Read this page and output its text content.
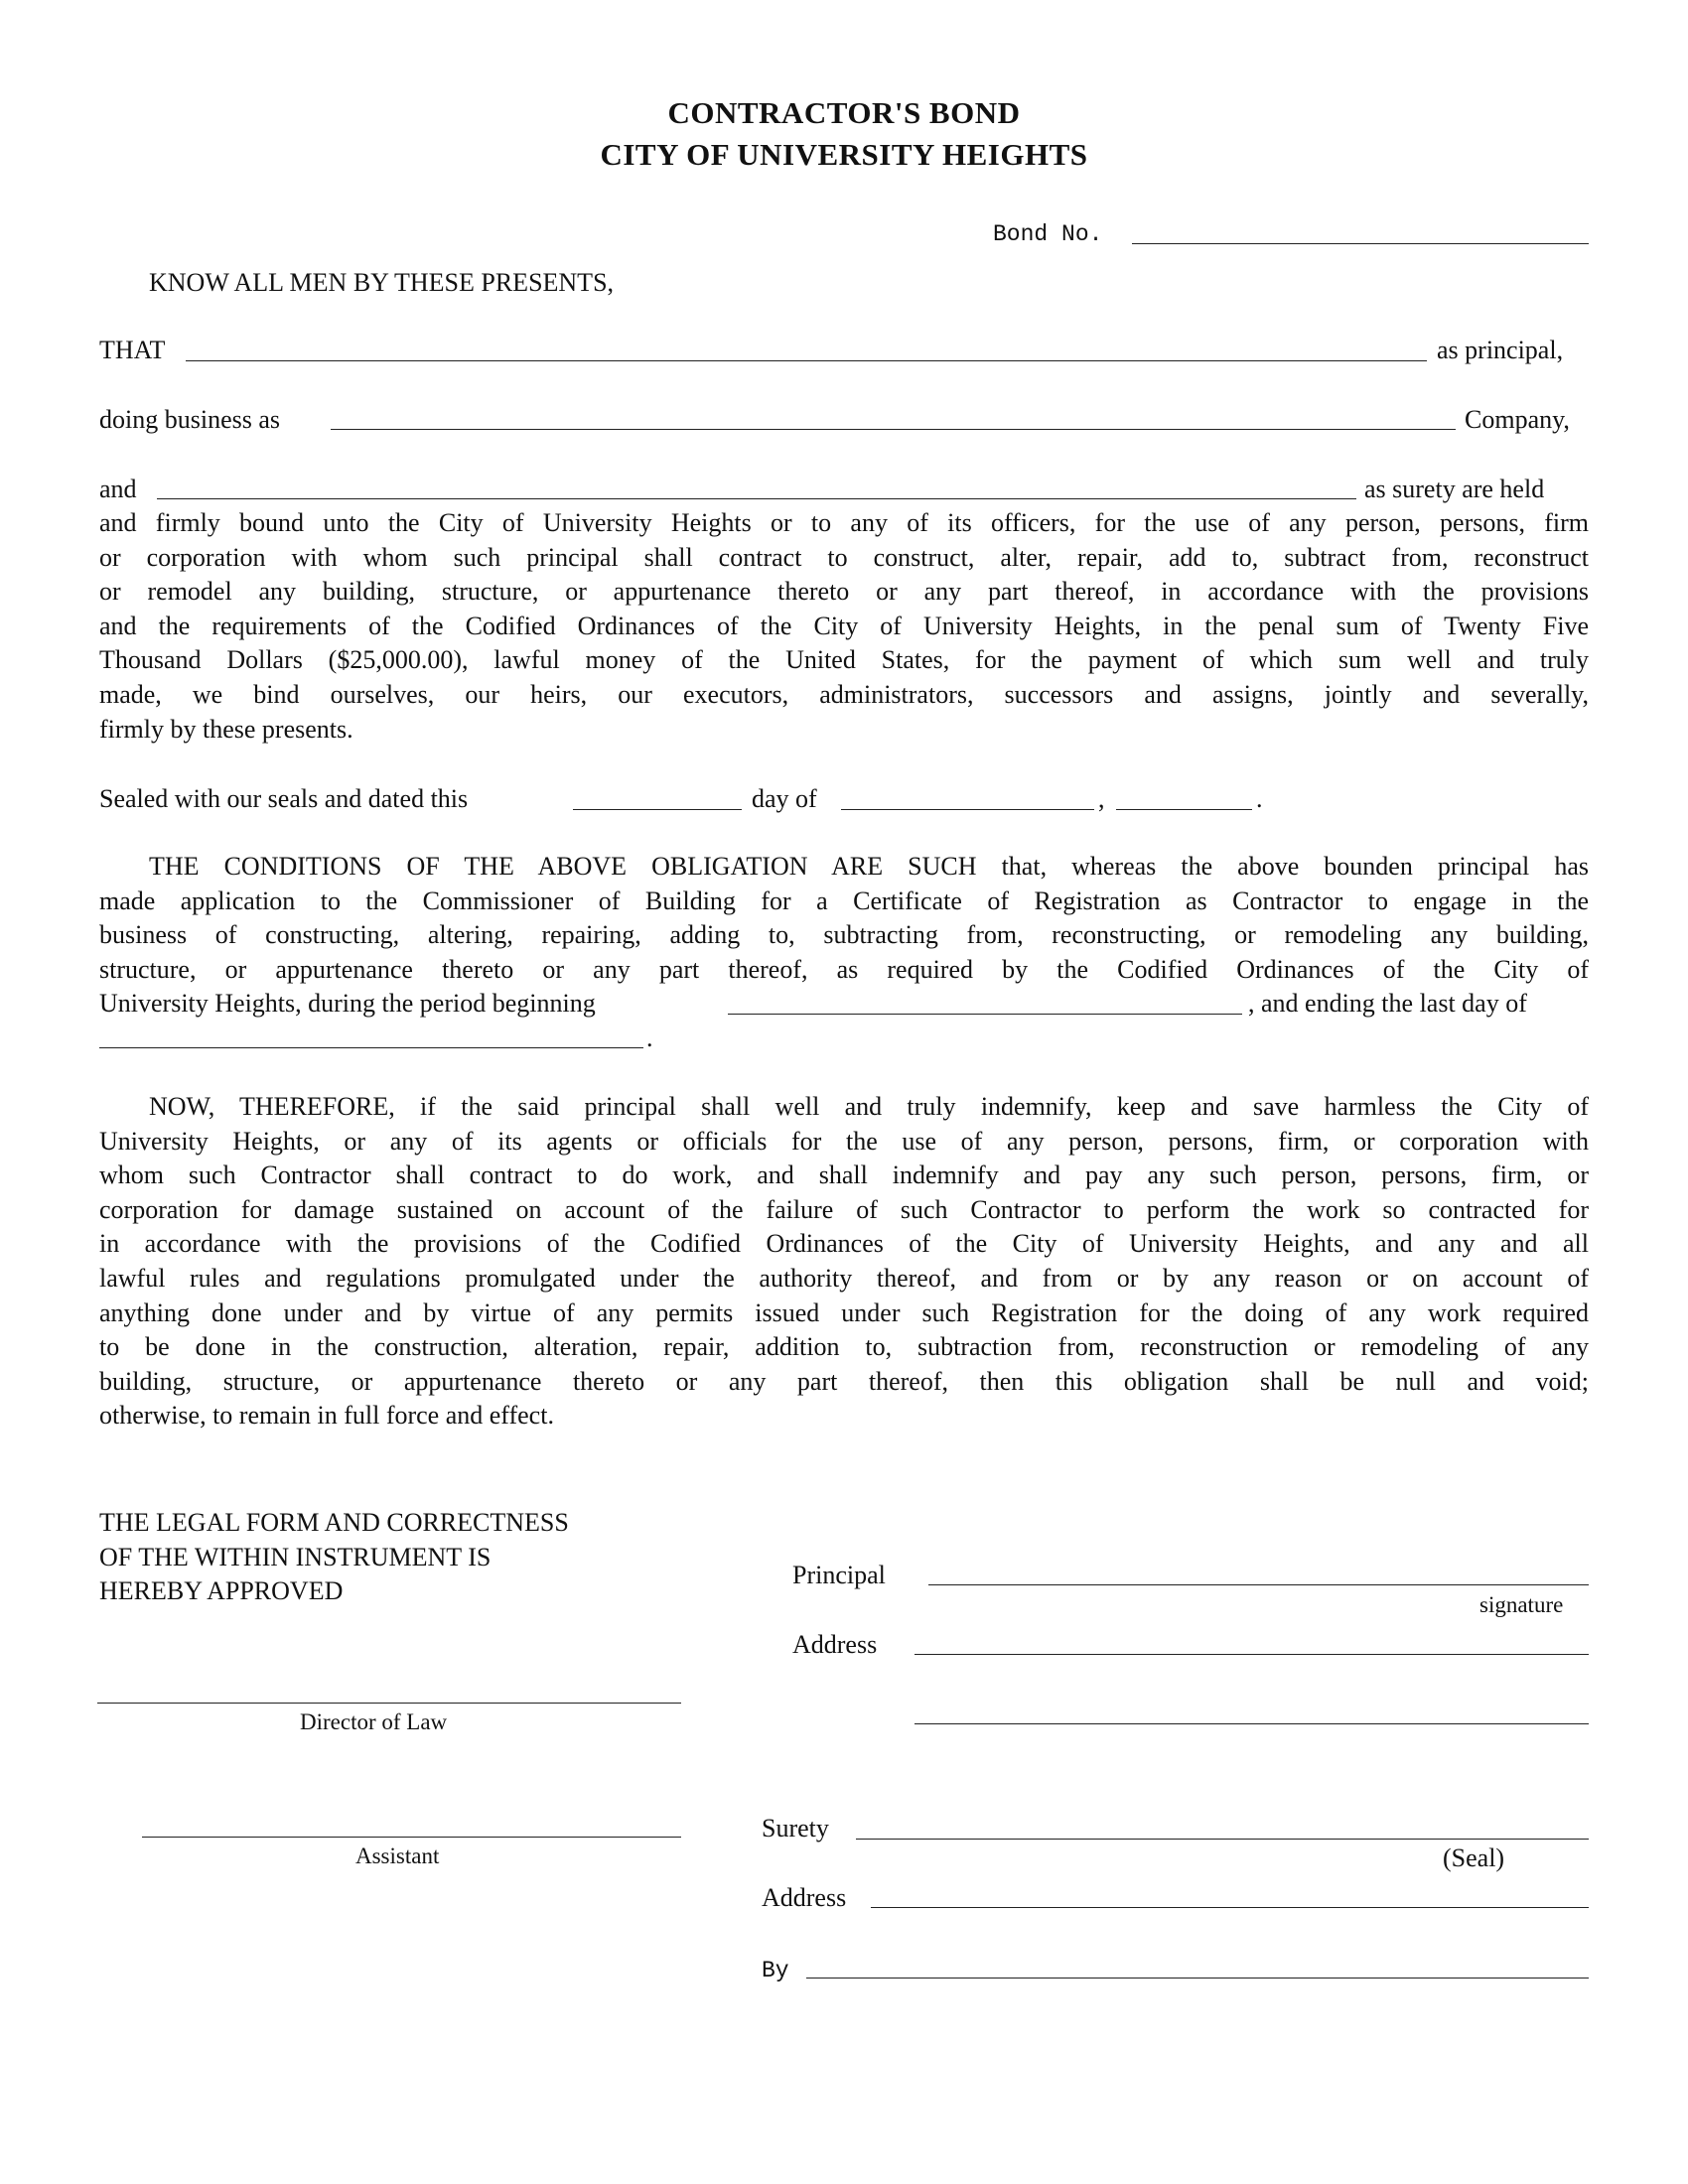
CONTRACTOR'S BOND
CITY OF UNIVERSITY HEIGHTS
Bond No.
KNOW ALL MEN BY THESE PRESENTS,
THAT	as principal,
doing business as	Company,
and	as surety are held
and firmly bound unto the City of University Heights or to any of its officers, for the use of any person, persons, firm
or corporation with whom such principal shall contract to construct, alter, repair, add to, subtract from, reconstruct
or remodel any building, structure, or appurtenance thereto or any part thereof, in accordance with the provisions
and the requirements of the Codified Ordinances of the City of University Heights, in the penal sum of Twenty Five
Thousand Dollars ($25,000.00), lawful money of the United States, for the payment of which sum well and truly
made, we bind ourselves, our heirs, our executors, administrators, successors and assigns, jointly and severally,
firmly by these presents.
Sealed with our seals and dated this	day of	,	.
THE CONDITIONS OF THE ABOVE OBLIGATION ARE SUCH that, whereas the above bounden principal has
made application to the Commissioner of Building for a Certificate of Registration as Contractor to engage in the
business of constructing, altering, repairing, adding to, subtracting from, reconstructing, or remodeling any building,
structure, or appurtenance thereto or any part thereof, as required by the Codified Ordinances of the City of
University Heights, during the period beginning	, and ending the last day of
.
NOW, THEREFORE, if the said principal shall well and truly indemnify, keep and save harmless the City of
University Heights, or any of its agents or officials for the use of any person, persons, firm, or corporation with
whom such Contractor shall contract to do work, and shall indemnify and pay any such person, persons, firm, or
corporation for damage sustained on account of the failure of such Contractor to perform the work so contracted for
in accordance with the provisions of the Codified Ordinances of the City of University Heights, and any and all
lawful rules and regulations promulgated under the authority thereof, and from or by any reason or on account of
anything done under and by virtue of any permits issued under such Registration for the doing of any work required
to be done in the construction, alteration, repair, addition to, subtraction from, reconstruction or remodeling of any
building, structure, or appurtenance thereto or any part thereof, then this obligation shall be null and void;
otherwise, to remain in full force and effect.
THE LEGAL FORM AND CORRECTNESS
OF THE WITHIN INSTRUMENT IS
HEREBY APPROVED
Director of Law
Assistant
Principal
signature
Address
Surety
(Seal)
Address
By
